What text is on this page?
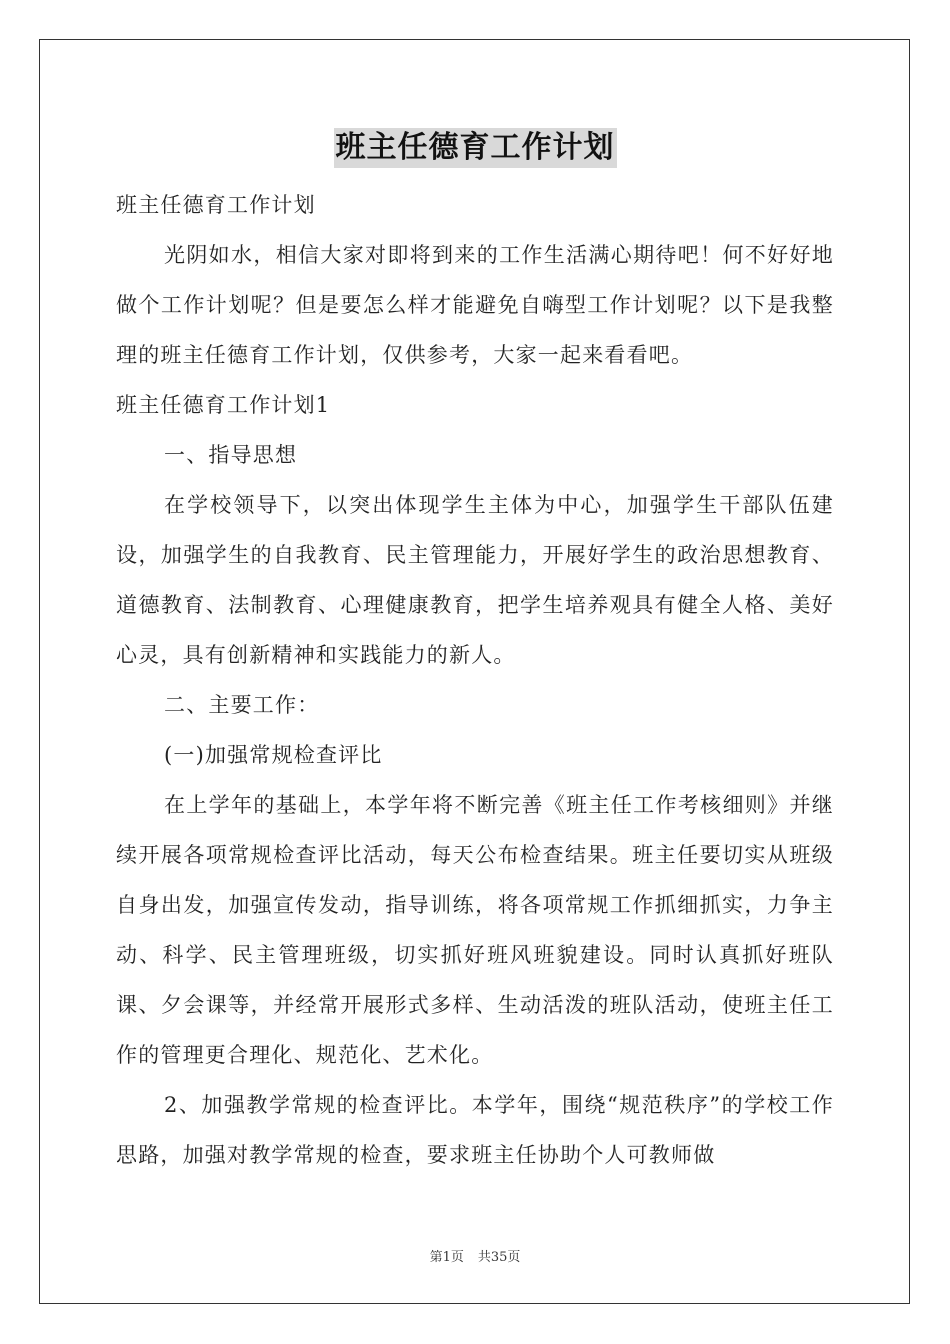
班主任德育工作计划

班主任德育工作计划

光阴如水，相信大家对即将到来的工作生活满心期待吧！何不好好地做个工作计划呢？但是要怎么样才能避免自嗨型工作计划呢？以下是我整理的班主任德育工作计划，仅供参考，大家一起来看看吧。

班主任德育工作计划1

一、指导思想

在学校领导下，以突出体现学生主体为中心，加强学生干部队伍建设，加强学生的自我教育、民主管理能力，开展好学生的政治思想教育、道德教育、法制教育、心理健康教育，把学生培养观具有健全人格、美好心灵，具有创新精神和实践能力的新人。

二、主要工作：

(一)加强常规检查评比

在上学年的基础上，本学年将不断完善《班主任工作考核细则》并继续开展各项常规检查评比活动，每天公布检查结果。班主任要切实从班级自身出发，加强宣传发动，指导训练，将各项常规工作抓细抓实，力争主动、科学、民主管理班级，切实抓好班风班貌建设。同时认真抓好班队课、夕会课等，并经常开展形式多样、生动活泼的班队活动，使班主任工作的管理更合理化、规范化、艺术化。

2、加强教学常规的检查评比。本学年，围绕“规范秩序”的学校工作思路，加强对教学常规的检查，要求班主任协助个人可教师做

第1页 共35页
